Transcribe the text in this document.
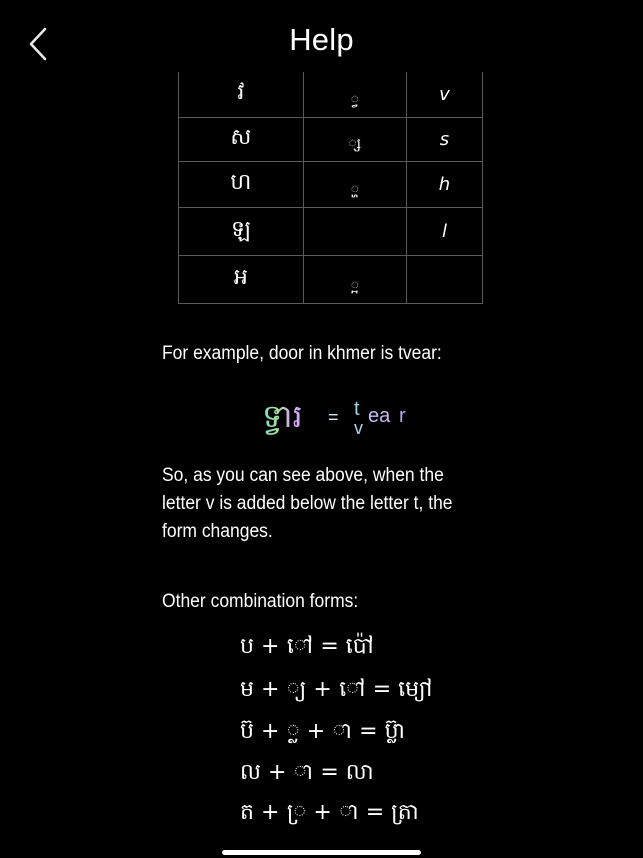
Help
វ	្វ	v
ស	្ស	s
ហ	្ហ	h
ឡ		l
អ	្អ	
For example, door in khmer is tvear:
ទ្វារ = t
v
ea r
So, as you can see above, when the letter v is added below the letter t, the form changes.
Other combination forms:
ប + ៅ = ប៉ៅ
ម + ្យ + ៅ = ម្យៅ
ប៊ + ្ល + ា = ប៊្លា
ល + ា = លា
ត + ្រ + ា = ត្រា
